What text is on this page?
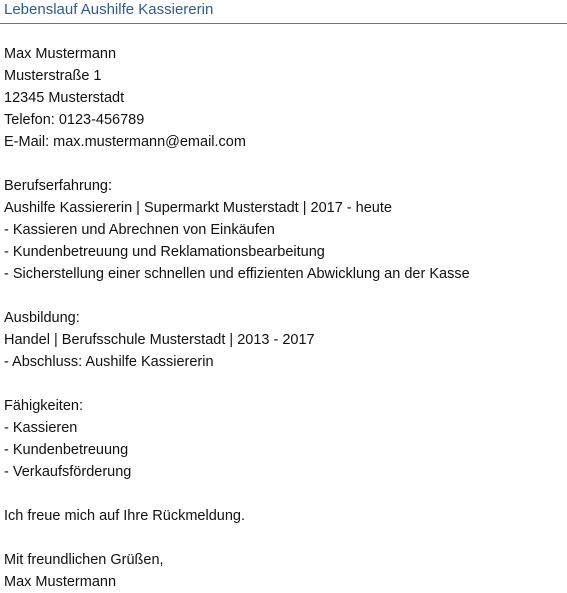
Lebenslauf Aushilfe Kassiererin
Max Mustermann
Musterstraße 1
12345 Musterstadt
Telefon: 0123-456789
E-Mail: max.mustermann@email.com
Berufserfahrung:
Aushilfe Kassiererin | Supermarkt Musterstadt | 2017 - heute
- Kassieren und Abrechnen von Einkäufen
- Kundenbetreuung und Reklamationsbearbeitung
- Sicherstellung einer schnellen und effizienten Abwicklung an der Kasse
Ausbildung:
Handel | Berufsschule Musterstadt | 2013 - 2017
- Abschluss: Aushilfe Kassiererin
Fähigkeiten:
- Kassieren
- Kundenbetreuung
- Verkaufsförderung
Ich freue mich auf Ihre Rückmeldung.
Mit freundlichen Grüßen,
Max Mustermann
